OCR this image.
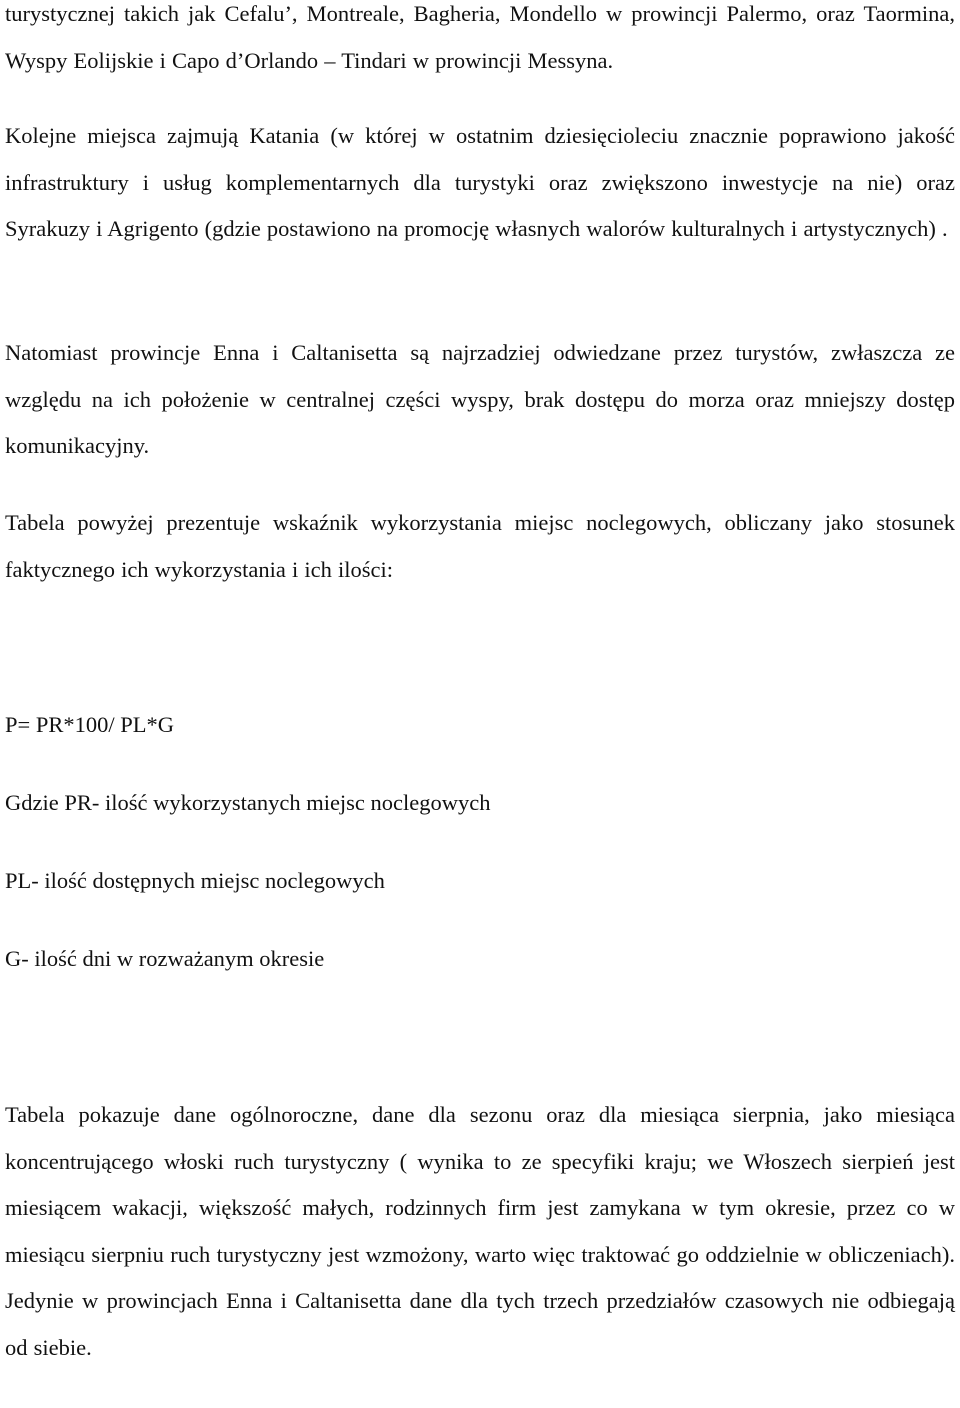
turystycznej takich jak Cefalu’, Montreale, Bagheria, Mondello w prowincji Palermo, oraz Taormina, Wyspy Eolijskie i Capo d’Orlando – Tindari w prowincji Messyna.

Kolejne miejsca zajmują Katania (w której w ostatnim dziesięcioleciu znacznie poprawiono jakość infrastruktury i usług komplementarnych dla turystyki oraz zwiększono inwestycje na nie) oraz Syrakuzy i Agrigento (gdzie postawiono na promocję własnych walorów kulturalnych i artystycznych) .

Natomiast prowincje Enna i Caltanisetta są najrzadziej odwiedzane przez turystów, zwłaszcza ze względu na ich położenie w centralnej części wyspy, brak dostępu do morza oraz mniejszy dostęp komunikacyjny.

Tabela powyżej prezentuje wskaźnik wykorzystania miejsc noclegowych, obliczany jako stosunek faktycznego ich wykorzystania i ich ilości:

P= PR*100/ PL*G

Gdzie PR- ilość wykorzystanych miejsc noclegowych

PL- ilość dostępnych miejsc noclegowych

G- ilość dni w rozważanym okresie

Tabela pokazuje dane ogólnoroczne, dane dla sezonu oraz dla miesiąca sierpnia, jako miesiąca koncentrującego włoski ruch turystyczny ( wynika to ze specyfiki kraju; we Włoszech sierpień jest miesiącem wakacji, większość małych, rodzinnych firm jest zamykana w tym okresie, przez co w miesiącu sierpniu ruch turystyczny jest wzmożony, warto więc traktować go oddzielnie w obliczeniach). Jedynie w prowincjach Enna i Caltanisetta dane dla tych trzech przedziałów czasowych nie odbiegają od siebie.
